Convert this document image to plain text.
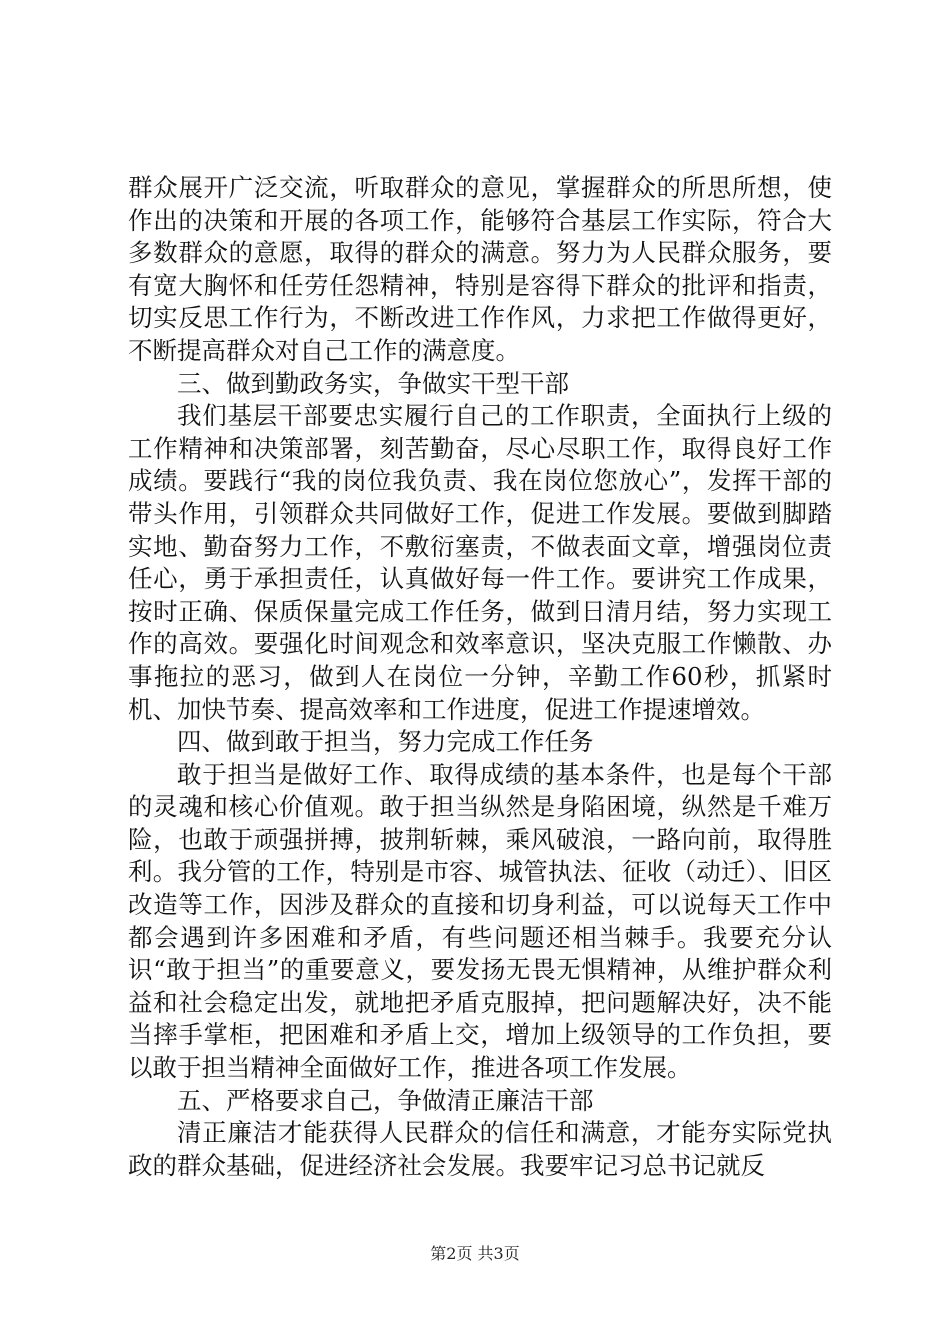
群众展开广泛交流，听取群众的意见，掌握群众的所思所想，使作出的决策和开展的各项工作，能够符合基层工作实际，符合大多数群众的意愿，取得的群众的满意。努力为人民群众服务，要有宽大胸怀和任劳任怨精神，特别是容得下群众的批评和指责，切实反思工作行为，不断改进工作作风，力求把工作做得更好，不断提高群众对自己工作的满意度。

三、做到勤政务实，争做实干型干部

我们基层干部要忠实履行自己的工作职责，全面执行上级的工作精神和决策部署，刻苦勤奋，尽心尽职工作，取得良好工作成绩。要践行“我的岗位我负责、我在岗位您放心”，发挥干部的带头作用，引领群众共同做好工作，促进工作发展。要做到脚踏实地、勤奋努力工作，不敷衍塞责，不做表面文章，增强岗位责任心，勇于承担责任，认真做好每一件工作。要讲究工作成果，按时正确、保质保量完成工作任务，做到日清月结，努力实现工作的高效。要强化时间观念和效率意识，坚决克服工作懒散、办事拖拉的恶习，做到人在岗位一分钟，辛勤工作60秒，抓紧时机、加快节奏、提高效率和工作进度，促进工作提速增效。

四、做到敢于担当，努力完成工作任务

敢于担当是做好工作、取得成绩的基本条件，也是每个干部的灵魂和核心价值观。敢于担当纵然是身陷困境，纵然是千难万险，也敢于顽强拼搏，披荆斩棘，乘风破浪，一路向前，取得胜利。我分管的工作，特别是市容、城管执法、征收（动迁）、旧区改造等工作，因涉及群众的直接和切身利益，可以说每天工作中都会遇到许多困难和矛盾，有些问题还相当棘手。我要充分认识“敢于担当”的重要意义，要发扬无畏无惧精神，从维护群众利益和社会稳定出发，就地把矛盾克服掉，把问题解决好，决不能当摔手掌柜，把困难和矛盾上交，增加上级领导的工作负担，要以敢于担当精神全面做好工作，推进各项工作发展。

五、严格要求自己，争做清正廉洁干部

清正廉洁才能获得人民群众的信任和满意，才能夯实际党执政的群众基础，促进经济社会发展。我要牢记习总书记就反

第2页 共3页
